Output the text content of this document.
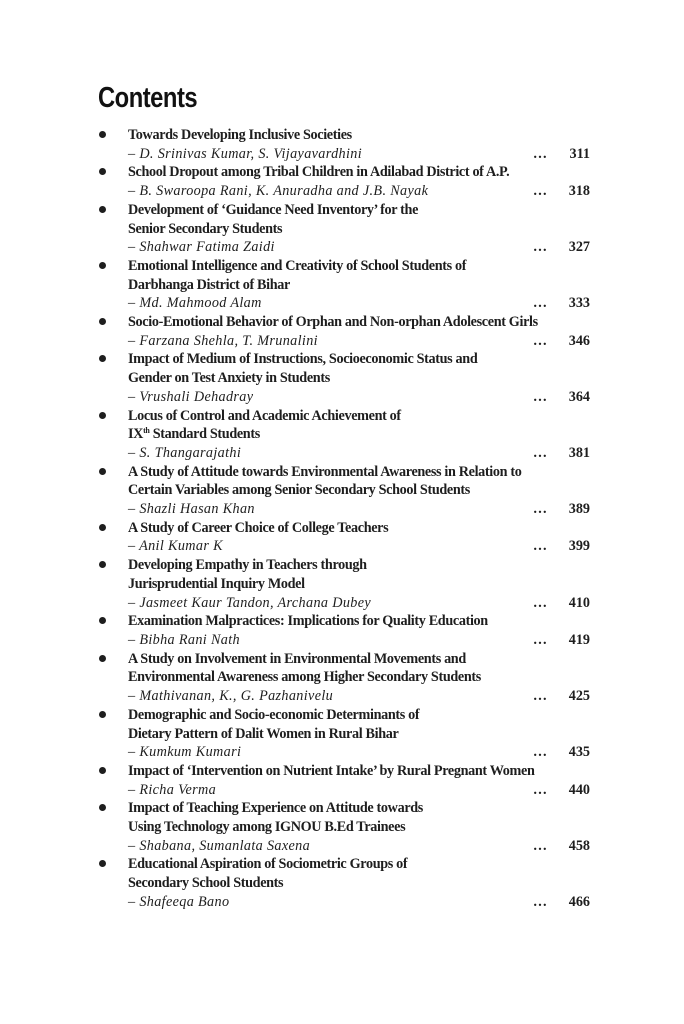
Contents
Towards Developing Inclusive Societies
– D. Srinivas Kumar, S. Vijayavardhini	… 311
School Dropout among Tribal Children in Adilabad District of A.P.
– B. Swaroopa Rani, K. Anuradha and J.B. Nayak	… 318
Development of ‘Guidance Need Inventory’ for the
Senior Secondary Students
– Shahwar Fatima Zaidi	… 327
Emotional Intelligence and Creativity of School Students of
Darbhanga District of Bihar
– Md. Mahmood Alam	… 333
Socio-Emotional Behavior of Orphan and Non-orphan Adolescent Girls
– Farzana Shehla, T. Mrunalini	… 346
Impact of Medium of Instructions, Socioeconomic Status and
Gender on Test Anxiety in Students
– Vrushali Dehadray	… 364
Locus of Control and Academic Achievement of
IXth Standard Students
– S. Thangarajathi	… 381
A Study of Attitude towards Environmental Awareness in Relation to
Certain Variables among Senior Secondary School Students
– Shazli Hasan Khan	… 389
A Study of Career Choice of College Teachers
– Anil Kumar K	… 399
Developing Empathy in Teachers through
Jurisprudential Inquiry Model
– Jasmeet Kaur Tandon, Archana Dubey	… 410
Examination Malpractices: Implications for Quality Education
– Bibha Rani Nath	… 419
A Study on Involvement in Environmental Movements and
Environmental Awareness among Higher Secondary Students
– Mathivanan, K., G. Pazhanivelu	… 425
Demographic and Socio-economic Determinants of
Dietary Pattern of Dalit Women in Rural Bihar
– Kumkum Kumari	… 435
Impact of ‘Intervention on Nutrient Intake’ by Rural Pregnant Women
– Richa Verma	… 440
Impact of Teaching Experience on Attitude towards
Using Technology among IGNOU B.Ed Trainees
– Shabana, Sumanlata Saxena	… 458
Educational Aspiration of Sociometric Groups of
Secondary School Students
– Shafeeqa Bano	… 466
